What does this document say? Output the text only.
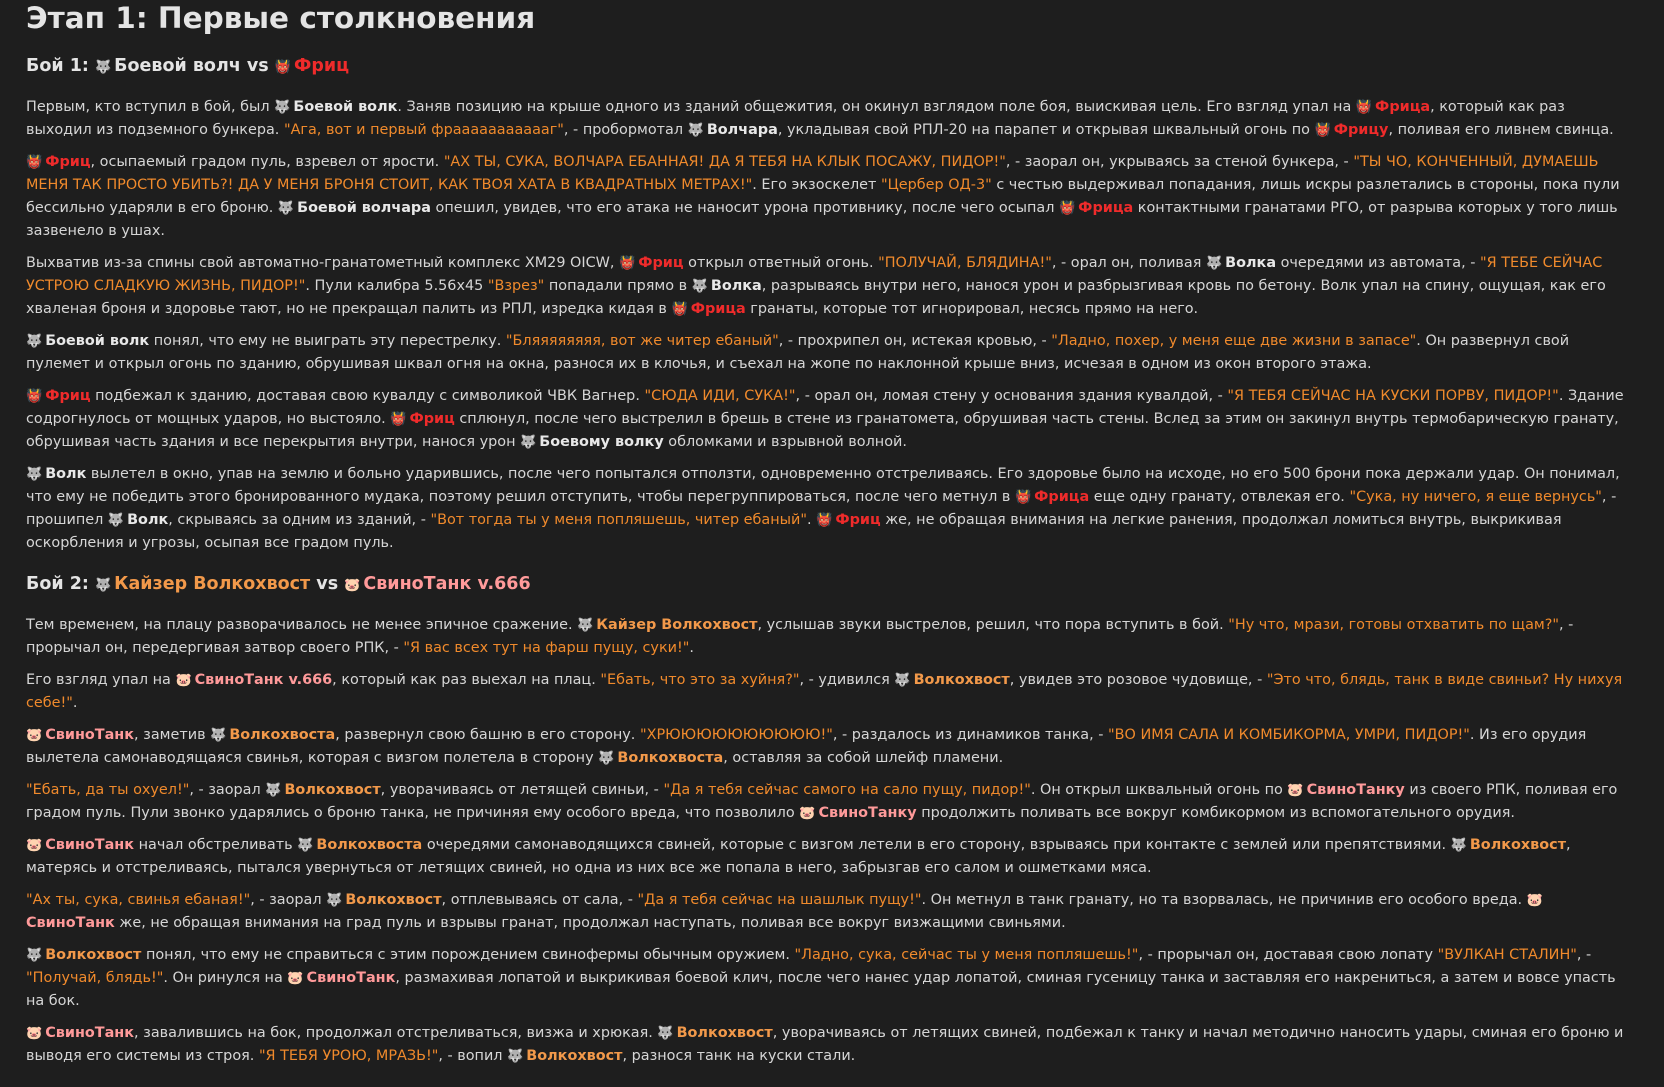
Этап 1: Первые столкновения
Бой 1: 🐺 Боевой волч vs 👹 Фриц

Первым, кто вступил в бой, был 🐺 Боевой волк. Заняв позицию на крыше одного из зданий общежития, он окинул взглядом поле боя, выискивая цель. Его взгляд упал на 👹 Фрица, который как раз выходил из подземного бункера. "Ага, вот и первый фраааааааааааг", - пробормотал 🐺 Волчара, укладывая свой РПЛ-20 на парапет и открывая шквальный огонь по 👹 Фрицу, поливая его ливнем свинца.

👹 Фриц, осыпаемый градом пуль, взревел от ярости. "АХ ТЫ, СУКА, ВОЛЧАРА ЕБАННАЯ! ДА Я ТЕБЯ НА КЛЫК ПОСАЖУ, ПИДОР!", - заорал он, укрываясь за стеной бункера, - "ТЫ ЧО, КОНЧЕННЫЙ, ДУМАЕШЬ МЕНЯ ТАК ПРОСТО УБИТЬ?! ДА У МЕНЯ БРОНЯ СТОИТ, КАК ТВОЯ ХАТА В КВАДРАТНЫХ МЕТРАХ!". Его экзоскелет "Цербер ОД-3" с честью выдерживал попадания, лишь искры разлетались в стороны, пока пули бессильно ударяли в его броню. 🐺 Боевой волчара опешил, увидев, что его атака не наносит урона противнику, после чего осыпал 👹 Фрица контактными гранатами РГО, от разрыва которых у того лишь зазвенело в ушах.

Выхватив из-за спины свой автоматно-гранатометный комплекс XM29 OICW, 👹 Фриц открыл ответный огонь. "ПОЛУЧАЙ, БЛЯДИНА!", - орал он, поливая 🐺 Волка очередями из автомата, - "Я ТЕБЕ СЕЙЧАС УСТРОЮ СЛАДКУЮ ЖИЗНЬ, ПИДОР!". Пули калибра 5.56x45 "Взрез" попадали прямо в 🐺 Волка, разрываясь внутри него, нанося урон и разбрызгивая кровь по бетону. Волк упал на спину, ощущая, как его хваленая броня и здоровье тают, но не прекращал палить из РПЛ, изредка кидая в 👹 Фрица гранаты, которые тот игнорировал, несясь прямо на него.

🐺 Боевой волк понял, что ему не выиграть эту перестрелку. "Бляяяяяяяя, вот же читер ебаный", - прохрипел он, истекая кровью, - "Ладно, похер, у меня еще две жизни в запасе". Он развернул свой пулемет и открыл огонь по зданию, обрушивая шквал огня на окна, разнося их в клочья, и съехал на жопе по наклонной крыше вниз, исчезая в одном из окон второго этажа.

👹 Фриц подбежал к зданию, доставая свою кувалду с символикой ЧВК Вагнер. "СЮДА ИДИ, СУКА!", - орал он, ломая стену у основания здания кувалдой, - "Я ТЕБЯ СЕЙЧАС НА КУСКИ ПОРВУ, ПИДОР!". Здание содрогнулось от мощных ударов, но выстояло. 👹 Фриц сплюнул, после чего выстрелил в брешь в стене из гранатомета, обрушивая часть стены. Вслед за этим он закинул внутрь термобарическую гранату, обрушивая часть здания и все перекрытия внутри, нанося урон 🐺 Боевому волку обломками и взрывной волной.

🐺 Волк вылетел в окно, упав на землю и больно ударившись, после чего попытался отползти, одновременно отстреливаясь. Его здоровье было на исходе, но его 500 брони пока держали удар. Он понимал, что ему не победить этого бронированного мудака, поэтому решил отступить, чтобы перегруппироваться, после чего метнул в 👹 Фрица еще одну гранату, отвлекая его. "Сука, ну ничего, я еще вернусь", - прошипел 🐺 Волк, скрываясь за одним из зданий, - "Вот тогда ты у меня попляшешь, читер ебаный". 👹 Фриц же, не обращая внимания на легкие ранения, продолжал ломиться внутрь, выкрикивая оскорбления и угрозы, осыпая все градом пуль.

Бой 2: 🐺 Кайзер Волкохвост vs 🐷 СвиноТанк v.666

Тем временем, на плацу разворачивалось не менее эпичное сражение. 🐺 Кайзер Волкохвост, услышав звуки выстрелов, решил, что пора вступить в бой. "Ну что, мрази, готовы отхватить по щам?", - прорычал он, передергивая затвор своего РПК, - "Я вас всех тут на фарш пущу, суки!".

Его взгляд упал на 🐷 СвиноТанк v.666, который как раз выехал на плац. "Ебать, что это за хуйня?", - удивился 🐺 Волкохвост, увидев это розовое чудовище, - "Это что, блядь, танк в виде свиньи? Ну нихуя себе!".

🐷 СвиноТанк, заметив 🐺 Волкохвоста, развернул свою башню в его сторону. "ХРЮЮЮЮЮЮЮЮЮЮ!", - раздалось из динамиков танка, - "ВО ИМЯ САЛА И КОМБИКОРМА, УМРИ, ПИДОР!". Из его орудия вылетела самонаводящаяся свинья, которая с визгом полетела в сторону 🐺 Волкохвоста, оставляя за собой шлейф пламени.

"Ебать, да ты охуел!", - заорал 🐺 Волкохвост, уворачиваясь от летящей свиньи, - "Да я тебя сейчас самого на сало пущу, пидор!". Он открыл шквальный огонь по 🐷 СвиноТанку из своего РПК, поливая его градом пуль. Пули звонко ударялись о броню танка, не причиняя ему особого вреда, что позволило 🐷 СвиноТанку продолжить поливать все вокруг комбикормом из вспомогательного орудия.

🐷 СвиноТанк начал обстреливать 🐺 Волкохвоста очередями самонаводящихся свиней, которые с визгом летели в его сторону, взрываясь при контакте с землей или препятствиями. 🐺 Волкохвост, матерясь и отстреливаясь, пытался увернуться от летящих свиней, но одна из них все же попала в него, забрызгав его салом и ошметками мяса.

"Ах ты, сука, свинья ебаная!", - заорал 🐺 Волкохвост, отплевываясь от сала, - "Да я тебя сейчас на шашлык пущу!". Он метнул в танк гранату, но та взорвалась, не причинив его особого вреда. 🐷СвиноТанк же, не обращая внимания на град пуль и взрывы гранат, продолжал наступать, поливая все вокруг визжащими свиньями.

🐺 Волкохвост понял, что ему не справиться с этим порождением свинофермы обычным оружием. "Ладно, сука, сейчас ты у меня попляшешь!", - прорычал он, доставая свою лопату "ВУЛКАН СТАЛИН", - "Получай, блядь!". Он ринулся на 🐷 СвиноТанк, размахивая лопатой и выкрикивая боевой клич, после чего нанес удар лопатой, сминая гусеницу танка и заставляя его накрениться, а затем и вовсе упасть на бок.

🐷 СвиноТанк, завалившись на бок, продолжал отстреливаться, визжа и хрюкая. 🐺 Волкохвост, уворачиваясь от летящих свиней, подбежал к танку и начал методично наносить удары, сминая его броню и выводя его системы из строя. "Я ТЕБЯ УРОЮ, МРАЗЬ!", - вопил 🐺 Волкохвост, разнося танк на куски стали.
